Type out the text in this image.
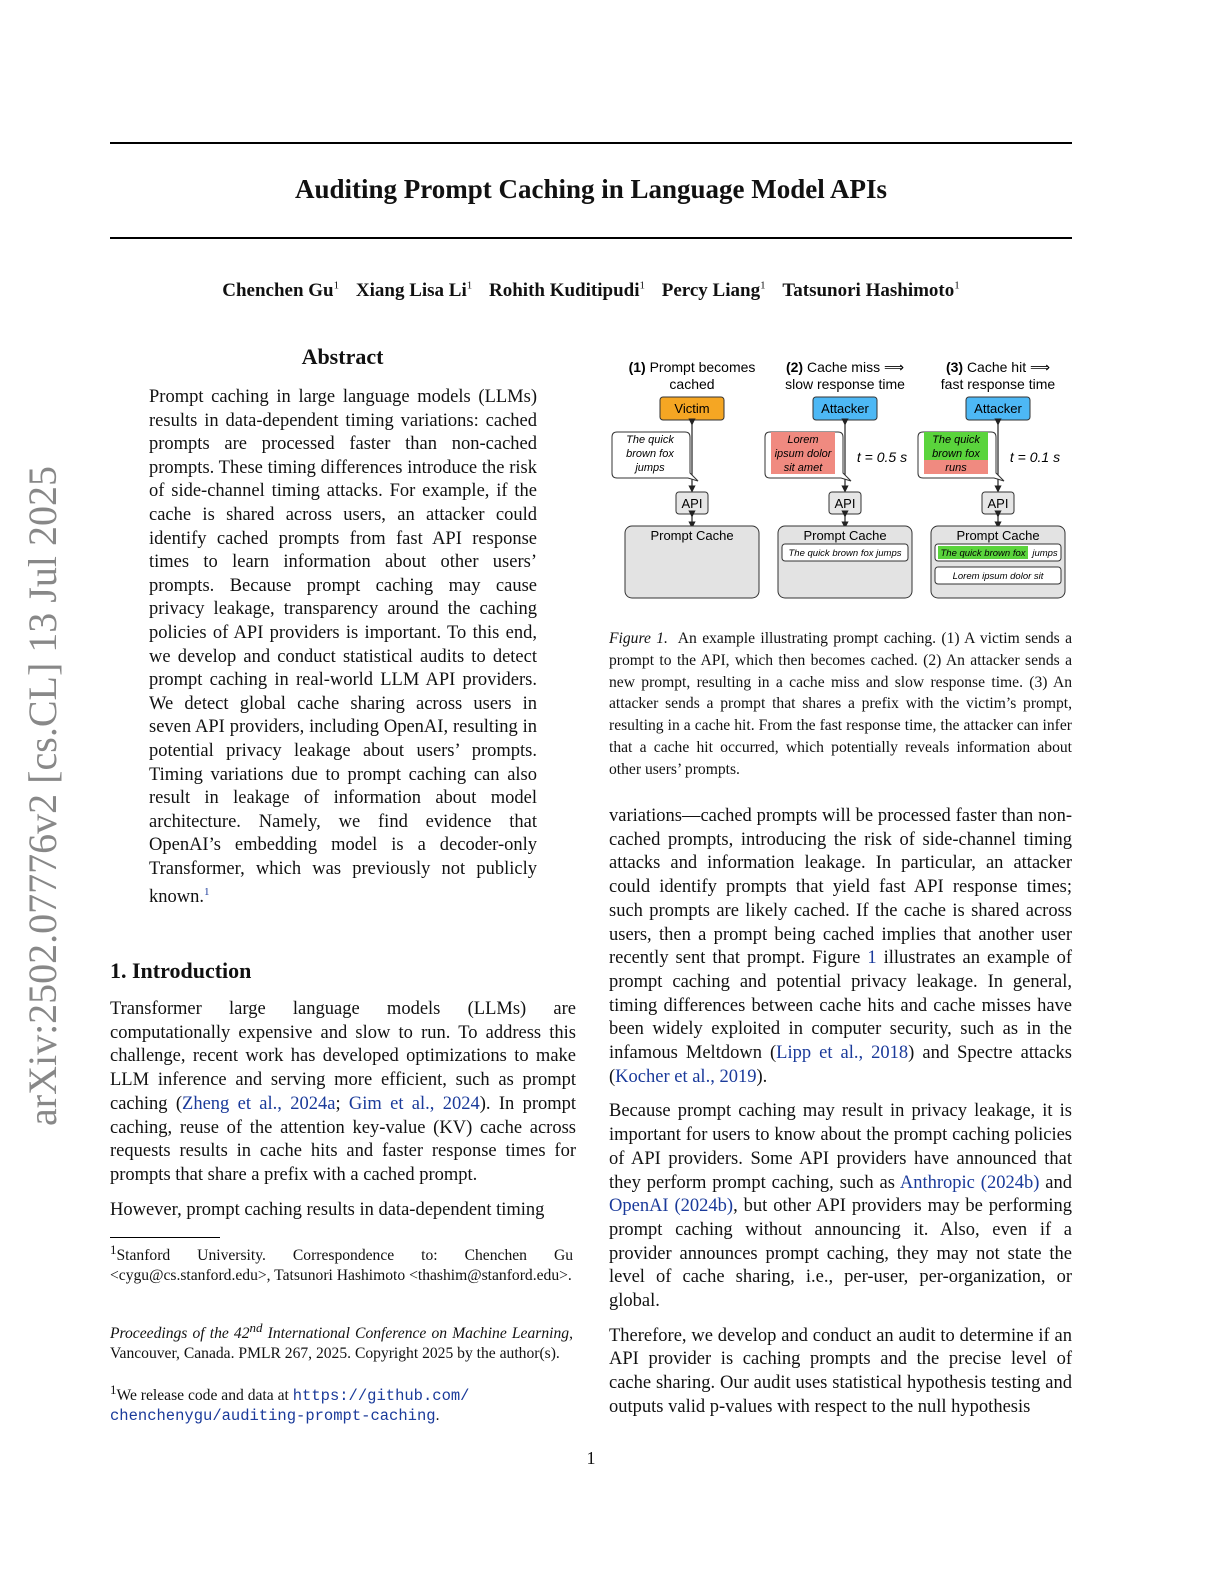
arXiv:2502.07776v2 [cs.CL] 13 Jul 2025
Auditing Prompt Caching in Language Model APIs
Chenchen Gu$^1$ Xiang Lisa Li$^1$ Rohith Kuditipudi$^1$ Percy Liang$^1$ Tatsunori Hashimoto$^1$
Abstract
Prompt caching in large language models (LLMs) results in data-dependent timing variations: cached prompts are processed faster than non-cached prompts. These timing differences introduce the risk of side-channel timing attacks. For example, if the cache is shared across users, an attacker could identify cached prompts from fast API response times to learn information about other users’ prompts. Because prompt caching may cause privacy leakage, transparency around the caching policies of API providers is important. To this end, we develop and conduct statistical audits to detect prompt caching in real-world LLM API providers. We detect global cache sharing across users in seven API providers, including OpenAI, resulting in potential privacy leakage about users’ prompts. Timing variations due to prompt caching can also result in leakage of information about model architecture. Namely, we find evidence that OpenAI’s embedding model is a decoder-only Transformer, which was previously not publicly known.$^1$
1. Introduction

Transformer large language models (LLMs) are computationally expensive and slow to run. To address this challenge, recent work has developed optimizations to make LLM inference and serving more efficient, such as prompt caching (Zheng et al., 2024a; Gim et al., 2024). In prompt caching, reuse of the attention key-value (KV) cache across requests results in cache hits and faster response times for prompts that share a prefix with a cached prompt.

However, prompt caching results in data-dependent timing

$^1$Stanford University. Correspondence to: Chenchen Gu <cygu@cs.stanford.edu>, Tatsunori Hashimoto <thashim@stanford.edu>.
Proceedings of the 42nd International Conference on Machine Learning, Vancouver, Canada. PMLR 267, 2025. Copyright 2025 by the author(s).
$^1$We release code and data at https://github.com/
chenchenygu/auditing-prompt-caching.
(1) Prompt becomes
cached
Victim
The quick
brown fox
jumps
API
Prompt Cache
(2) Cache miss ⟹
slow response time
Attacker
Lorem
ipsum dolor
sit amet
t = 0.5 s
API
Prompt Cache
The quick brown fox jumps
(3) Cache hit ⟹
fast response time
Attacker
The quick
brown fox
runs
t = 0.1 s
API
Prompt Cache
The quick brown fox jumps
Lorem ipsum dolor sit
Figure 1. An example illustrating prompt caching. (1) A victim sends a prompt to the API, which then becomes cached. (2) An attacker sends a new prompt, resulting in a cache miss and slow response time. (3) An attacker sends a prompt that shares a prefix with the victim’s prompt, resulting in a cache hit. From the fast response time, the attacker can infer that a cache hit occurred, which potentially reveals information about other users’ prompts.

variations—cached prompts will be processed faster than non-cached prompts, introducing the risk of side-channel timing attacks and information leakage. In particular, an attacker could identify prompts that yield fast API response times; such prompts are likely cached. If the cache is shared across users, then a prompt being cached implies that another user recently sent that prompt. Figure 1 illustrates an example of prompt caching and potential privacy leakage. In general, timing differences between cache hits and cache misses have been widely exploited in computer security, such as in the infamous Meltdown (Lipp et al., 2018) and Spectre attacks (Kocher et al., 2019).

Because prompt caching may result in privacy leakage, it is important for users to know about the prompt caching policies of API providers. Some API providers have announced that they perform prompt caching, such as Anthropic (2024b) and OpenAI (2024b), but other API providers may be performing prompt caching without announcing it. Also, even if a provider announces prompt caching, they may not state the level of cache sharing, i.e., per-user, per-organization, or global.

Therefore, we develop and conduct an audit to determine if an API provider is caching prompts and the precise level of cache sharing. Our audit uses statistical hypothesis testing and outputs valid p-values with respect to the null hypothesis

1
